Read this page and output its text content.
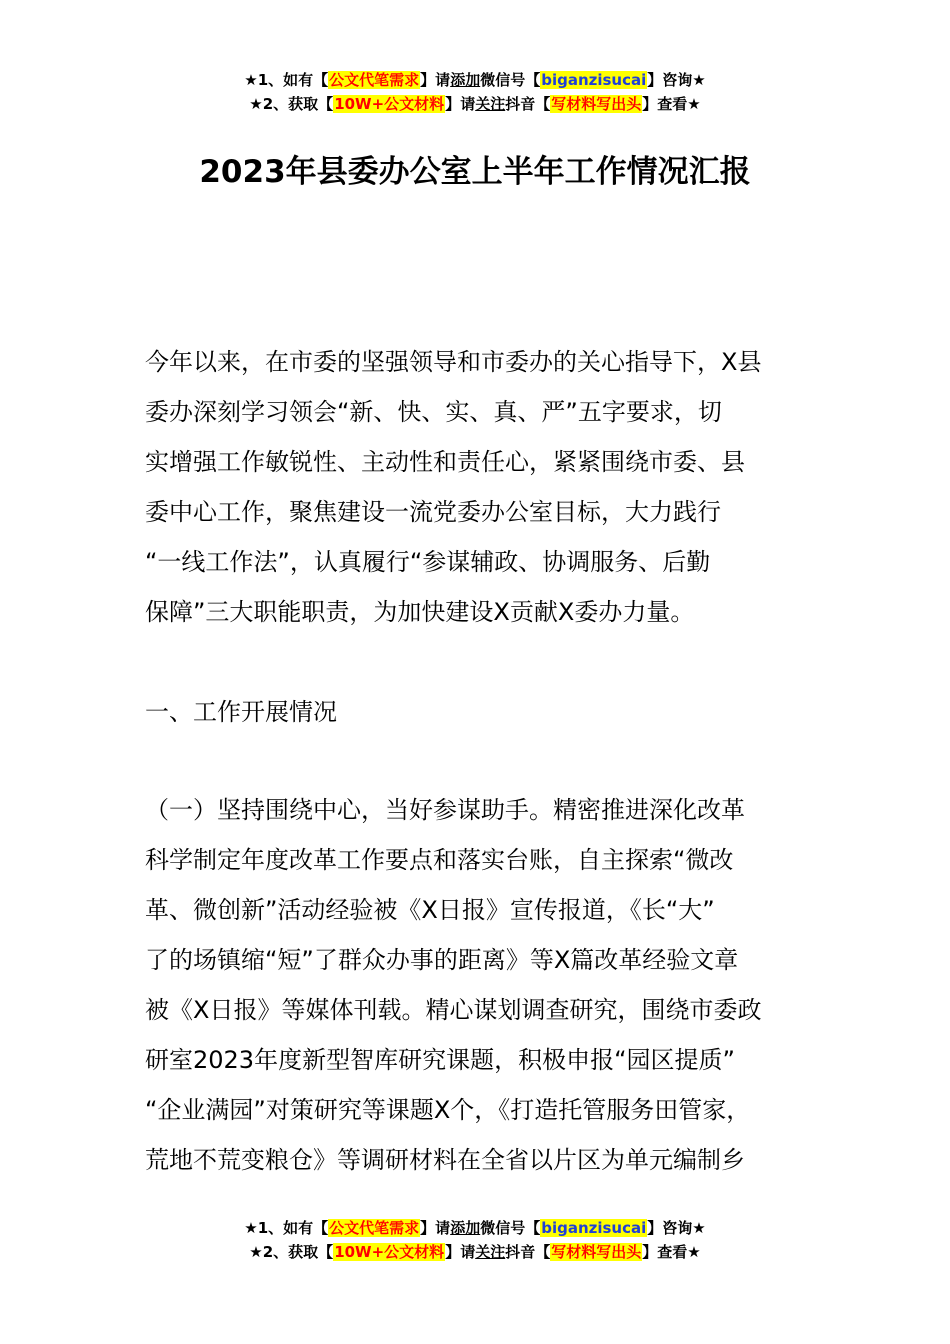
★1、如有【公文代笔需求】请添加微信号【biganzisucai】咨询★
★2、获取【10W+公文材料】请关注抖音【写材料写出头】查看★
2023年县委办公室上半年工作情况汇报
今年以来，在市委的坚强领导和市委办的关心指导下，X县
委办深刻学习领会“新、快、实、真、严”五字要求，切
实增强工作敏锐性、主动性和责任心，紧紧围绕市委、县
委中心工作，聚焦建设一流党委办公室目标，大力践行
“一线工作法”，认真履行“参谋辅政、协调服务、后勤
保障”三大职能职责，为加快建设X贡献X委办力量。
一、工作开展情况
（一）坚持围绕中心，当好参谋助手。精密推进深化改革
科学制定年度改革工作要点和落实台账，自主探索“微改
革、微创新”活动经验被《X日报》宣传报道，《长“大”
了的场镇缩“短”了群众办事的距离》等X篇改革经验文章
被《X日报》等媒体刊载。精心谋划调查研究，围绕市委政
研室2023年度新型智库研究课题，积极申报“园区提质”
“企业满园”对策研究等课题X个，《打造托管服务田管家，
荒地不荒变粮仓》等调研材料在全省以片区为单元编制乡
★1、如有【公文代笔需求】请添加微信号【biganzisucai】咨询★
★2、获取【10W+公文材料】请关注抖音【写材料写出头】查看★
